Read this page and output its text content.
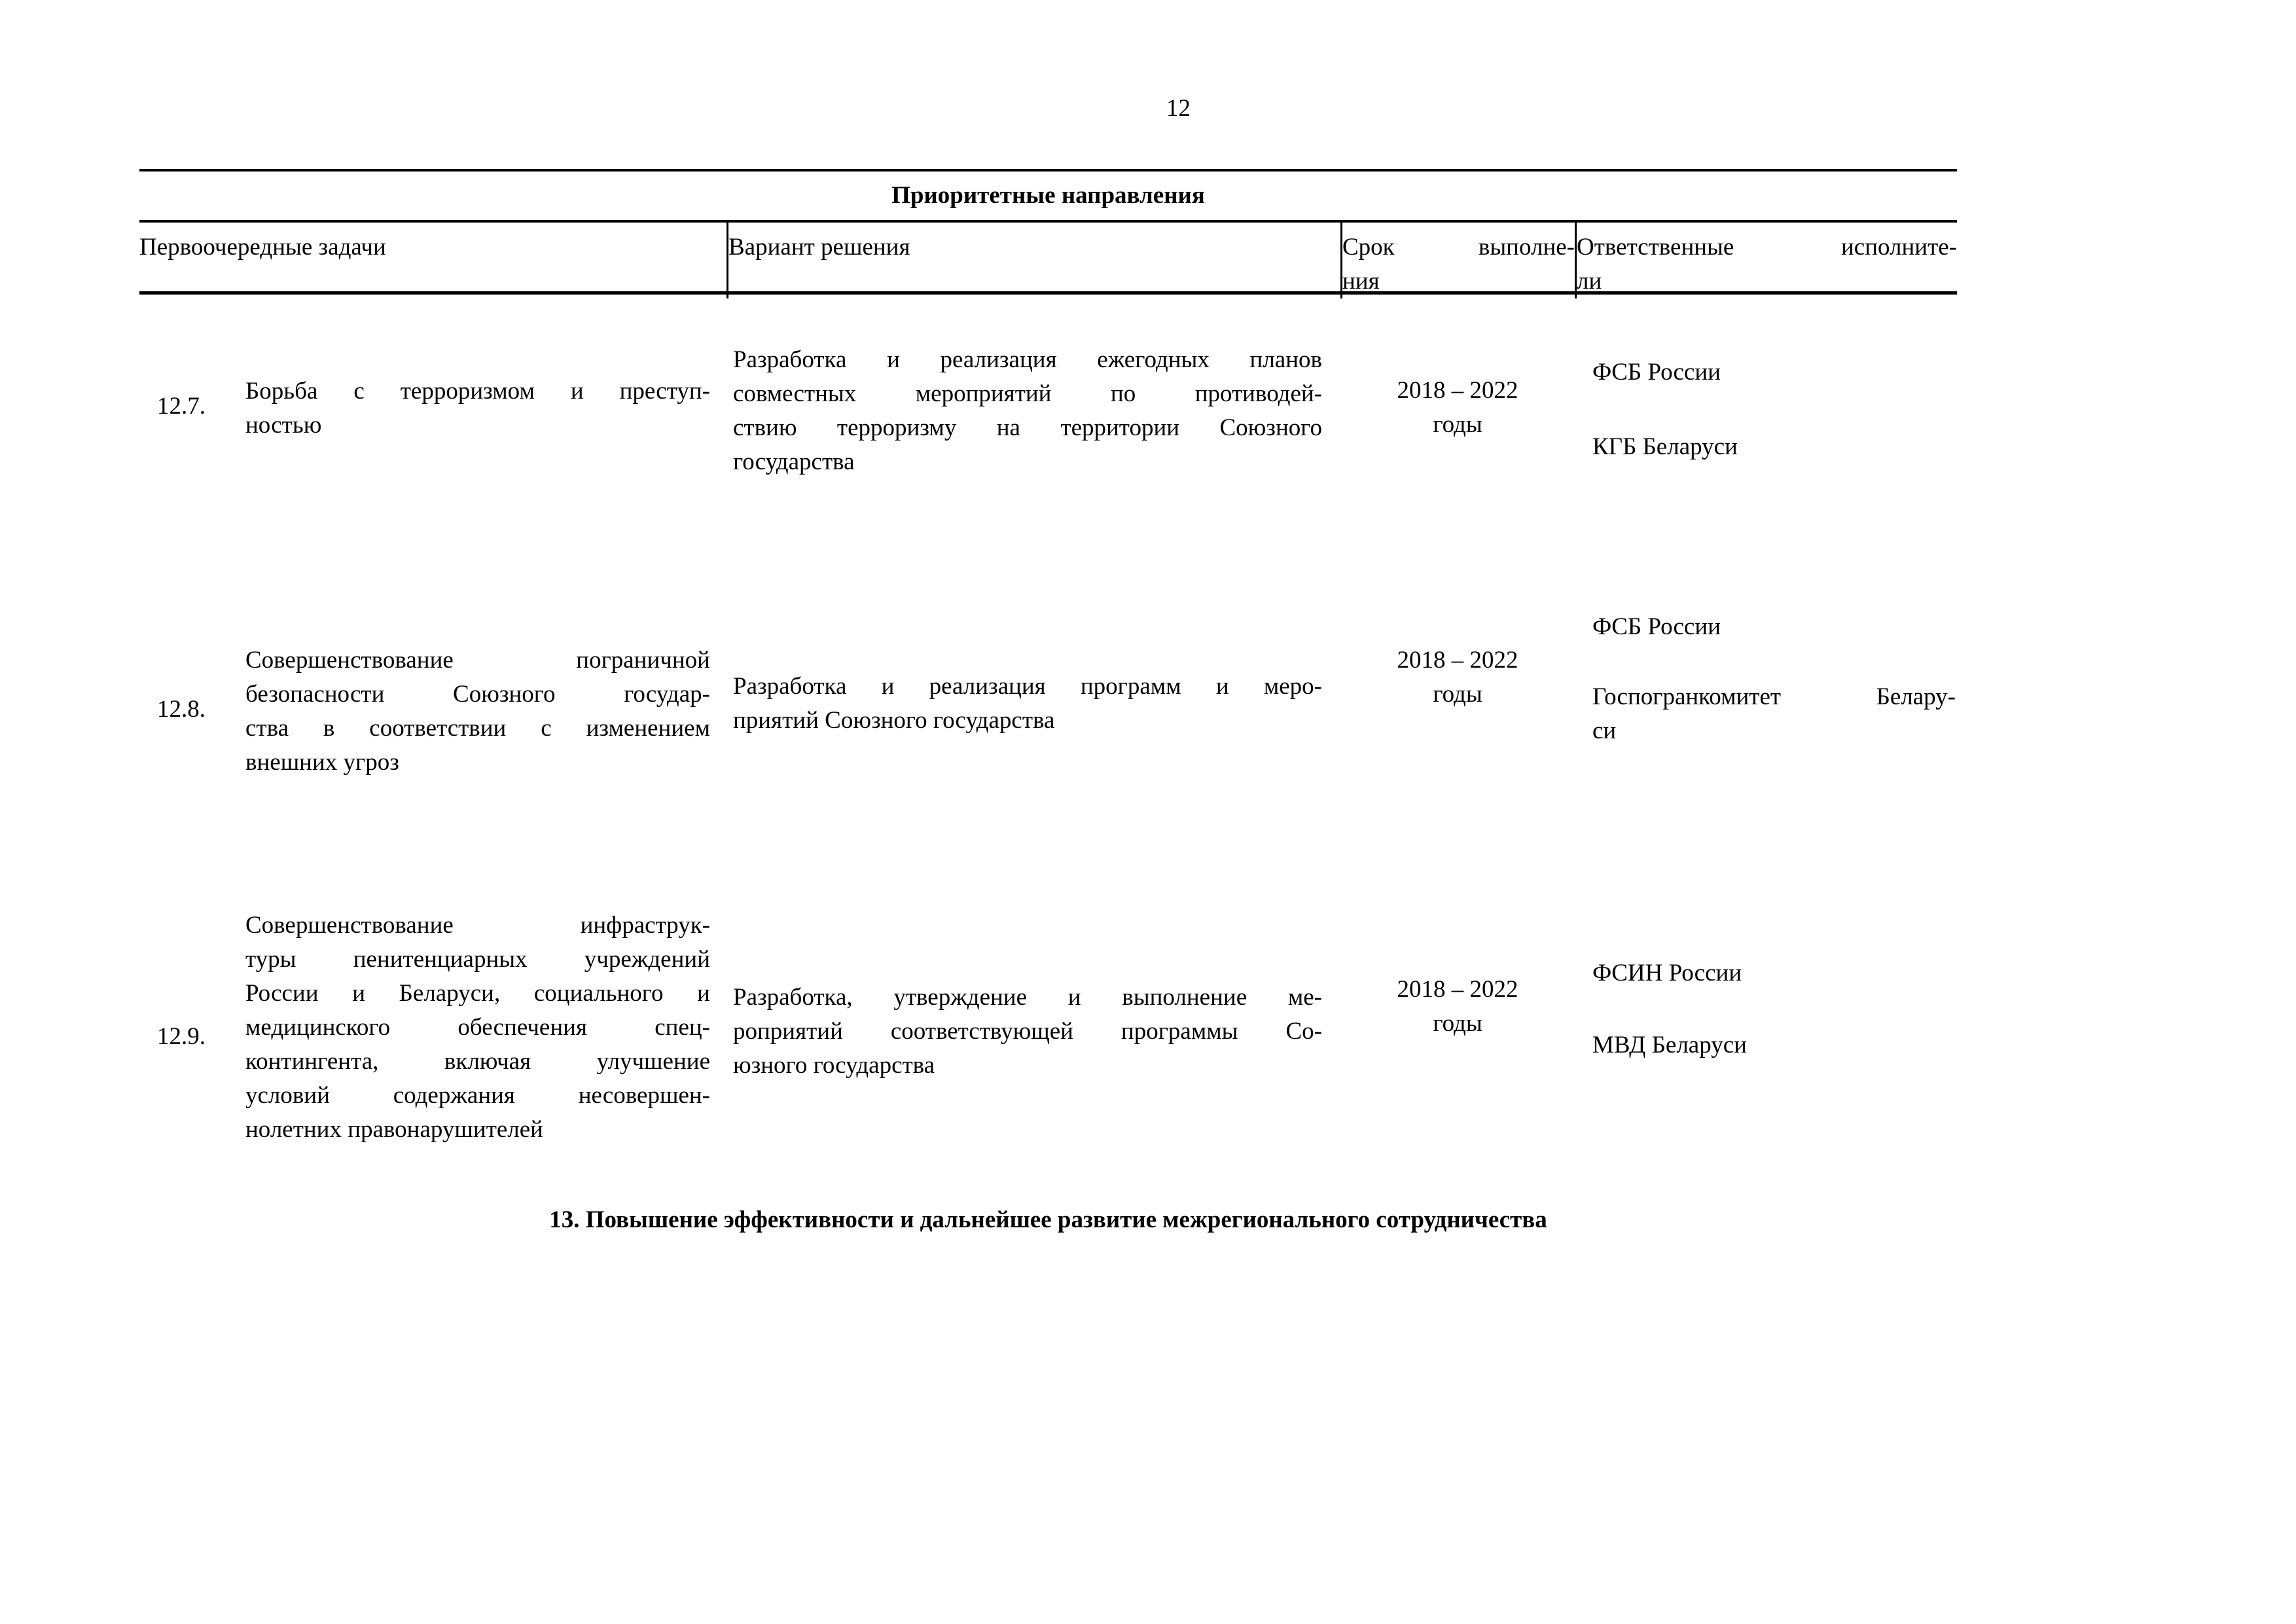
12
Приоритетные направления
Первоочередные задачи	Вариант решения	Срок выполне-
ния
Ответственные исполните-
ли
12.7.
Борьба с терроризмом и преступ-
ностью
Разработка и реализация ежегодных планов
совместных мероприятий по противодей-
ствию терроризму на территории Союзного
государства
2018 – 2022
годы
ФСБ России
КГБ Беларуси
12.8.
Совершенствование пограничной
безопасности Союзного государ-
ства в соответствии с изменением
внешних угроз
Разработка и реализация программ и меро-
приятий Союзного государства
2018 – 2022
годы
ФСБ России
Госпогранкомитет Белару-
си
12.9.
Совершенствование инфраструк-
туры пенитенциарных учреждений
России и Беларуси, социального и
медицинского обеспечения спец-
контингента, включая улучшение
условий содержания несовершен-
нолетних правонарушителей
Разработка, утверждение и выполнение ме-
роприятий соответствующей программы Со-
юзного государства
2018 – 2022
годы
ФСИН России
МВД Беларуси
13. Повышение эффективности и дальнейшее развитие межрегионального сотрудничества
